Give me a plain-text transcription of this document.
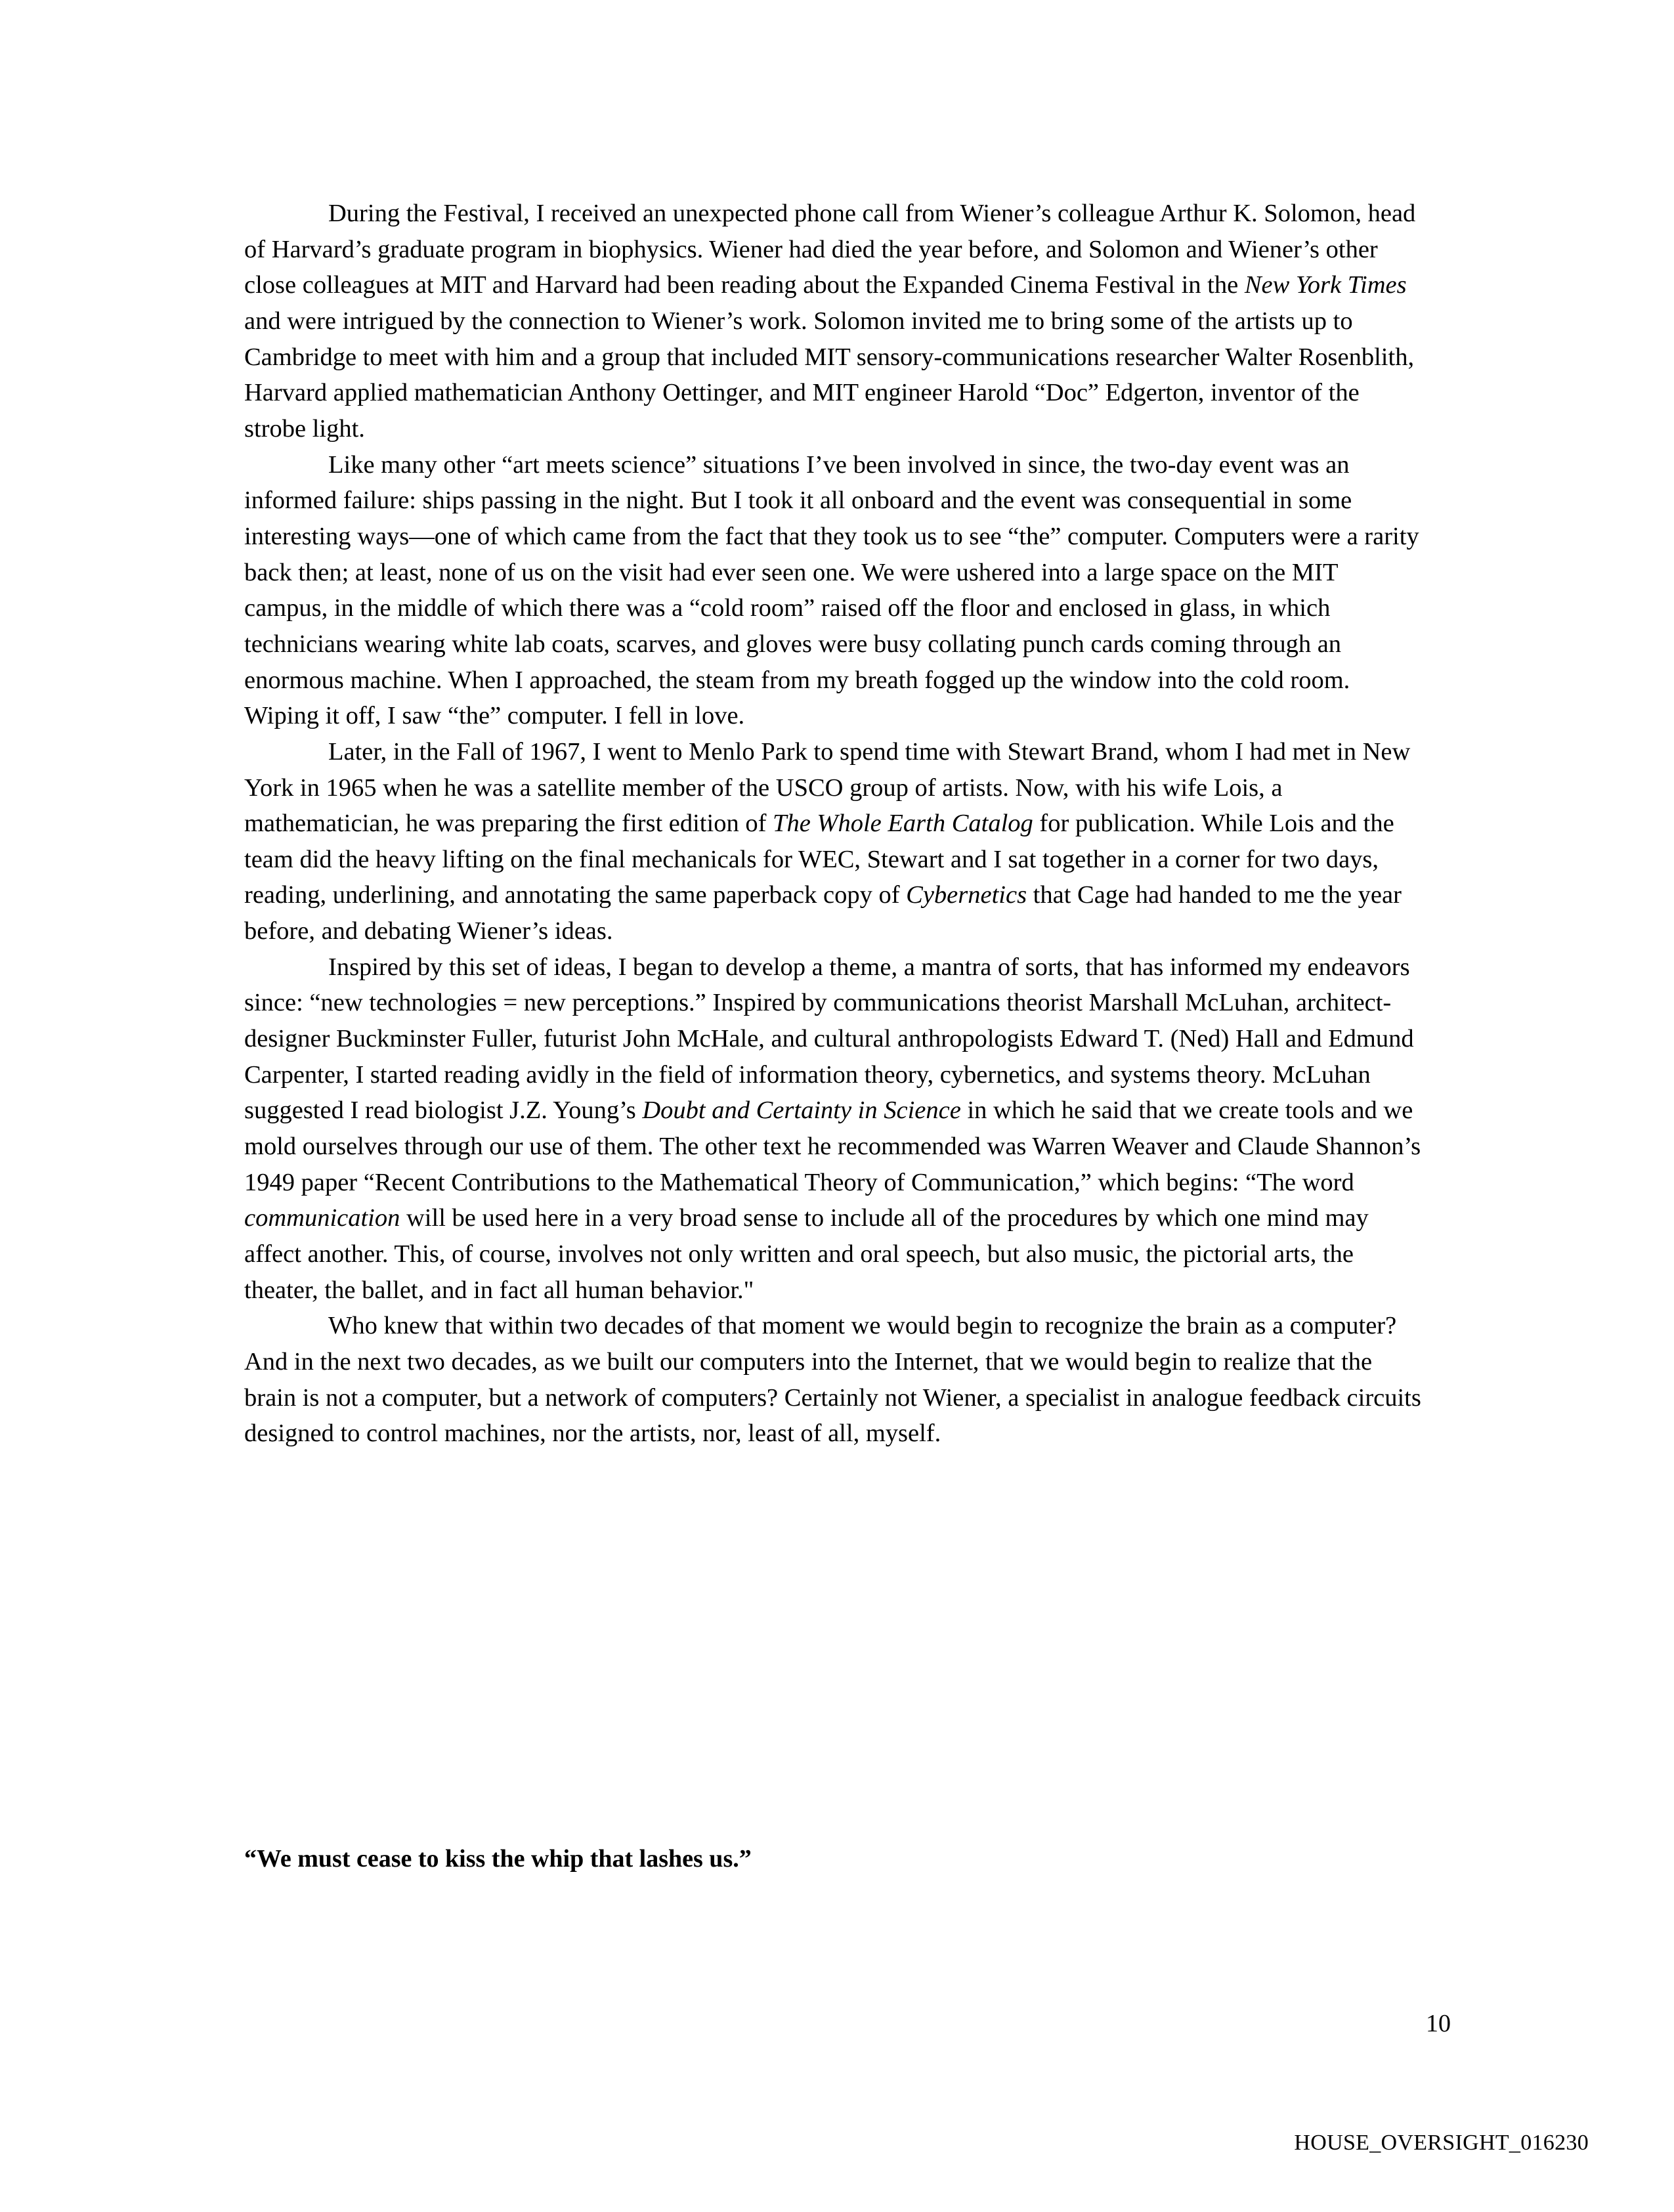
During the Festival, I received an unexpected phone call from Wiener’s colleague Arthur K. Solomon, head of Harvard’s graduate program in biophysics. Wiener had died the year before, and Solomon and Wiener’s other close colleagues at MIT and Harvard had been reading about the Expanded Cinema Festival in the New York Times and were intrigued by the connection to Wiener’s work. Solomon invited me to bring some of the artists up to Cambridge to meet with him and a group that included MIT sensory-communications researcher Walter Rosenblith, Harvard applied mathematician Anthony Oettinger, and MIT engineer Harold “Doc” Edgerton, inventor of the strobe light.

Like many other “art meets science” situations I’ve been involved in since, the two-day event was an informed failure: ships passing in the night. But I took it all onboard and the event was consequential in some interesting ways—one of which came from the fact that they took us to see “the” computer. Computers were a rarity back then; at least, none of us on the visit had ever seen one. We were ushered into a large space on the MIT campus, in the middle of which there was a “cold room” raised off the floor and enclosed in glass, in which technicians wearing white lab coats, scarves, and gloves were busy collating punch cards coming through an enormous machine. When I approached, the steam from my breath fogged up the window into the cold room. Wiping it off, I saw “the” computer. I fell in love.

Later, in the Fall of 1967, I went to Menlo Park to spend time with Stewart Brand, whom I had met in New York in 1965 when he was a satellite member of the USCO group of artists. Now, with his wife Lois, a mathematician, he was preparing the first edition of The Whole Earth Catalog for publication. While Lois and the team did the heavy lifting on the final mechanicals for WEC, Stewart and I sat together in a corner for two days, reading, underlining, and annotating the same paperback copy of Cybernetics that Cage had handed to me the year before, and debating Wiener’s ideas.

Inspired by this set of ideas, I began to develop a theme, a mantra of sorts, that has informed my endeavors since: “new technologies = new perceptions.” Inspired by communications theorist Marshall McLuhan, architect-designer Buckminster Fuller, futurist John McHale, and cultural anthropologists Edward T. (Ned) Hall and Edmund Carpenter, I started reading avidly in the field of information theory, cybernetics, and systems theory. McLuhan suggested I read biologist J.Z. Young’s Doubt and Certainty in Science in which he said that we create tools and we mold ourselves through our use of them. The other text he recommended was Warren Weaver and Claude Shannon’s 1949 paper “Recent Contributions to the Mathematical Theory of Communication,” which begins: “The word communication will be used here in a very broad sense to include all of the procedures by which one mind may affect another. This, of course, involves not only written and oral speech, but also music, the pictorial arts, the theater, the ballet, and in fact all human behavior."

Who knew that within two decades of that moment we would begin to recognize the brain as a computer? And in the next two decades, as we built our computers into the Internet, that we would begin to realize that the brain is not a computer, but a network of computers? Certainly not Wiener, a specialist in analogue feedback circuits designed to control machines, nor the artists, nor, least of all, myself.

“We must cease to kiss the whip that lashes us.”
10
HOUSE_OVERSIGHT_016230
